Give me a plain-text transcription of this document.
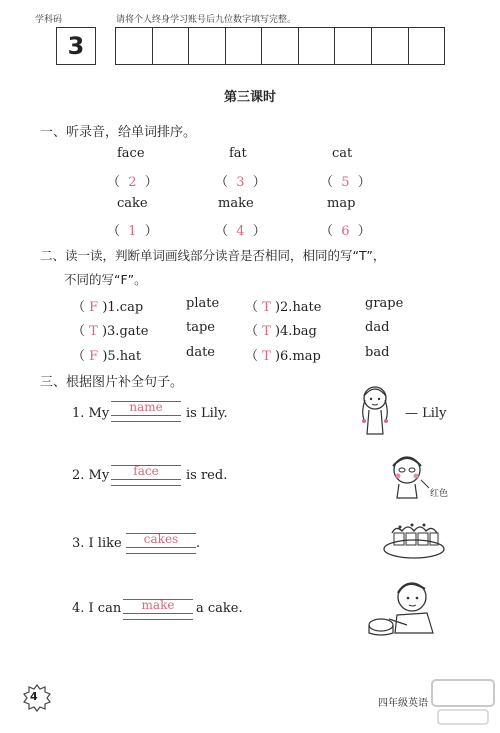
学科码	请将个人终身学习账号后九位数字填写完整。
3
第三课时
一、听录音，给单词排序。
face	fat	cat
（  2  ）	（  3  ）	（  5  ）
cake	make	map
（  1  ）	（  4  ）	（  6  ）
二、读一读，判断单词画线部分读音是否相同，相同的写“T”，
不同的写“F”。
（ F )1.cap	plate （ T )2.hate	grape
（ T )3.gate	tape （ T )4.bag	dad
（ F )5.hat	date （ T )6.map	bad
三、根据图片补全句子。
1. My	name	is Lily.
2. My	face	is red.
3. I like	cakes	.
4. I can	make	a cake.
— Lily
红色
4
四年级英语
